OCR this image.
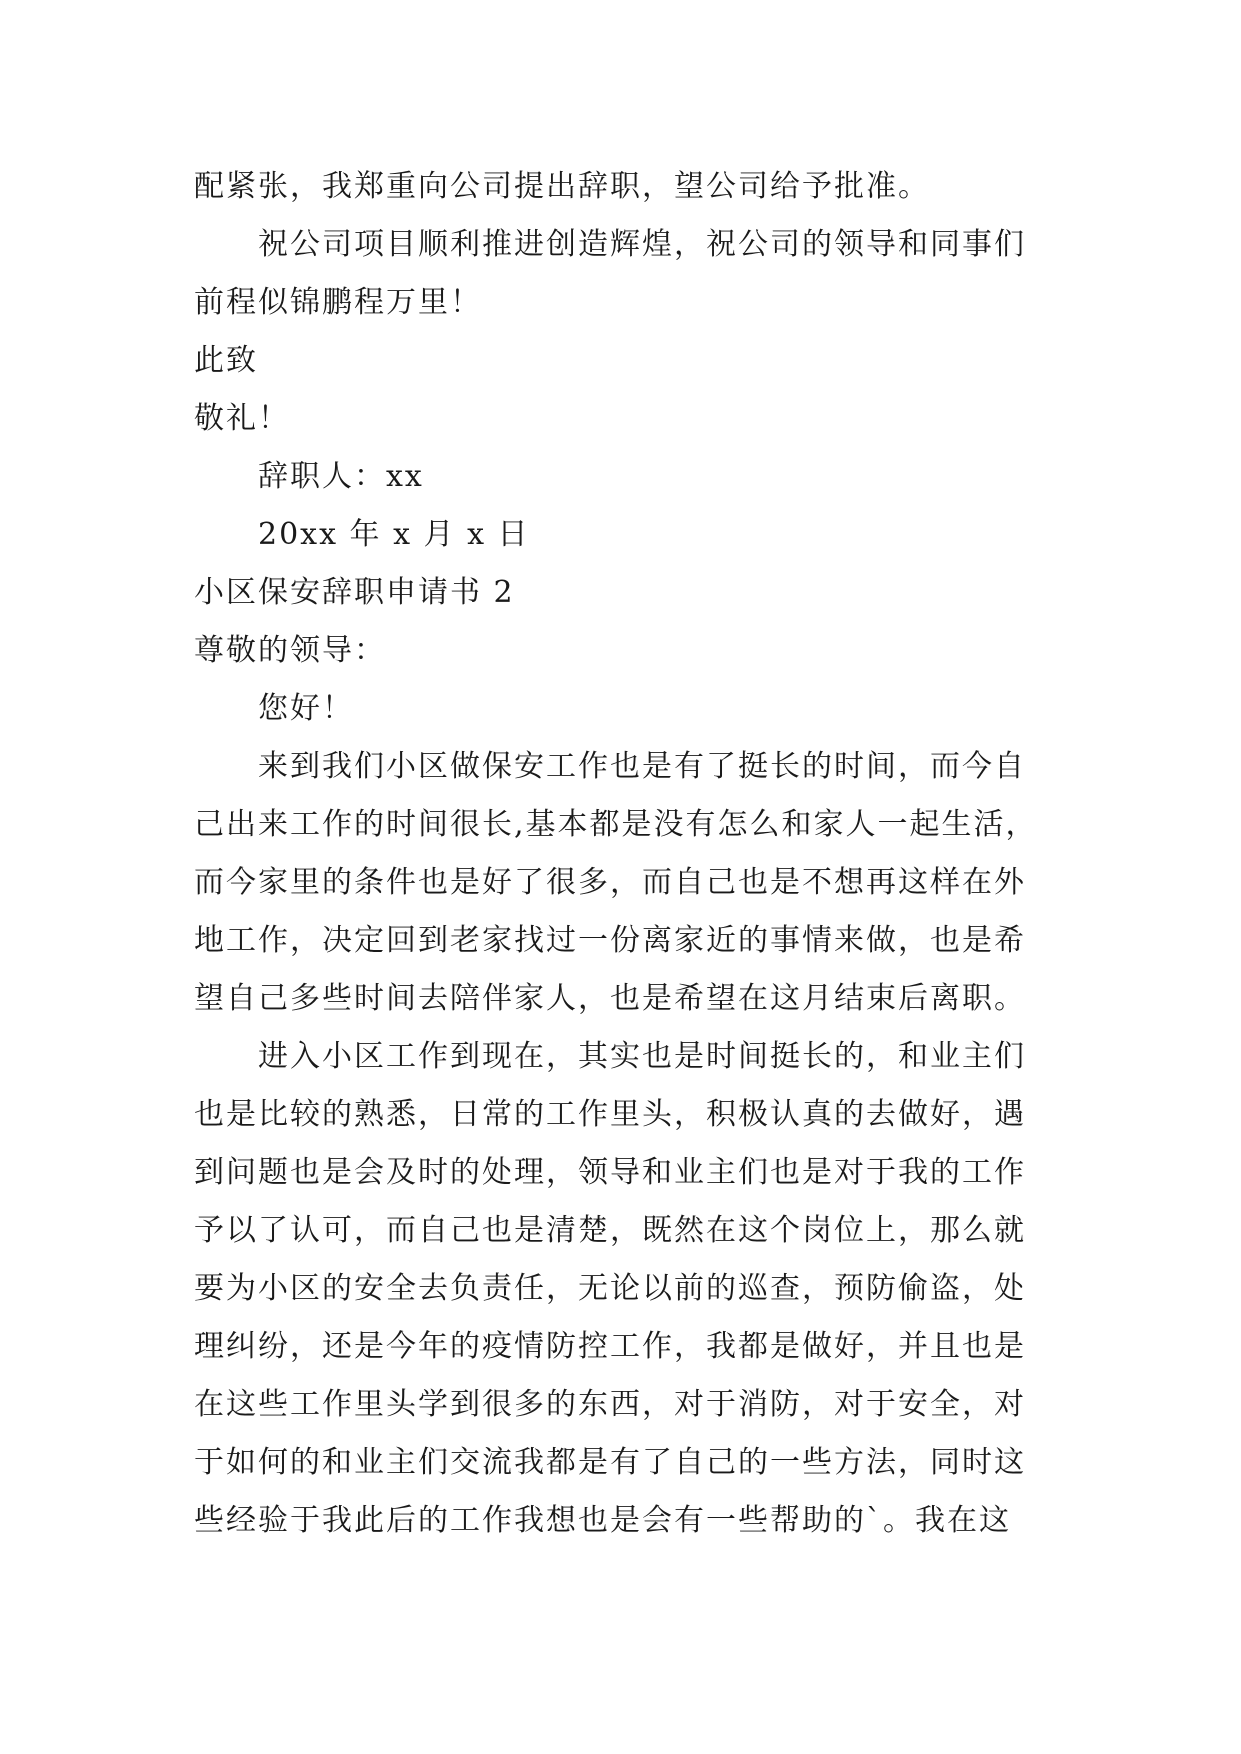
配紧张，我郑重向公司提出辞职，望公司给予批准。
祝公司项目顺利推进创造辉煌，祝公司的领导和同事们
前程似锦鹏程万里！
此致
敬礼！
辞职人：xx
20xx 年 x 月 x 日
小区保安辞职申请书 2
尊敬的领导：
您好！
来到我们小区做保安工作也是有了挺长的时间，而今自
己出来工作的时间很长,基本都是没有怎么和家人一起生活，
而今家里的条件也是好了很多，而自己也是不想再这样在外
地工作，决定回到老家找过一份离家近的事情来做，也是希
望自己多些时间去陪伴家人，也是希望在这月结束后离职。
进入小区工作到现在，其实也是时间挺长的，和业主们
也是比较的熟悉，日常的工作里头，积极认真的去做好，遇
到问题也是会及时的处理，领导和业主们也是对于我的工作
予以了认可，而自己也是清楚，既然在这个岗位上，那么就
要为小区的安全去负责任，无论以前的巡查，预防偷盗，处
理纠纷，还是今年的疫情防控工作，我都是做好，并且也是
在这些工作里头学到很多的东西，对于消防，对于安全，对
于如何的和业主们交流我都是有了自己的一些方法，同时这
些经验于我此后的工作我想也是会有一些帮助的`。我在这
